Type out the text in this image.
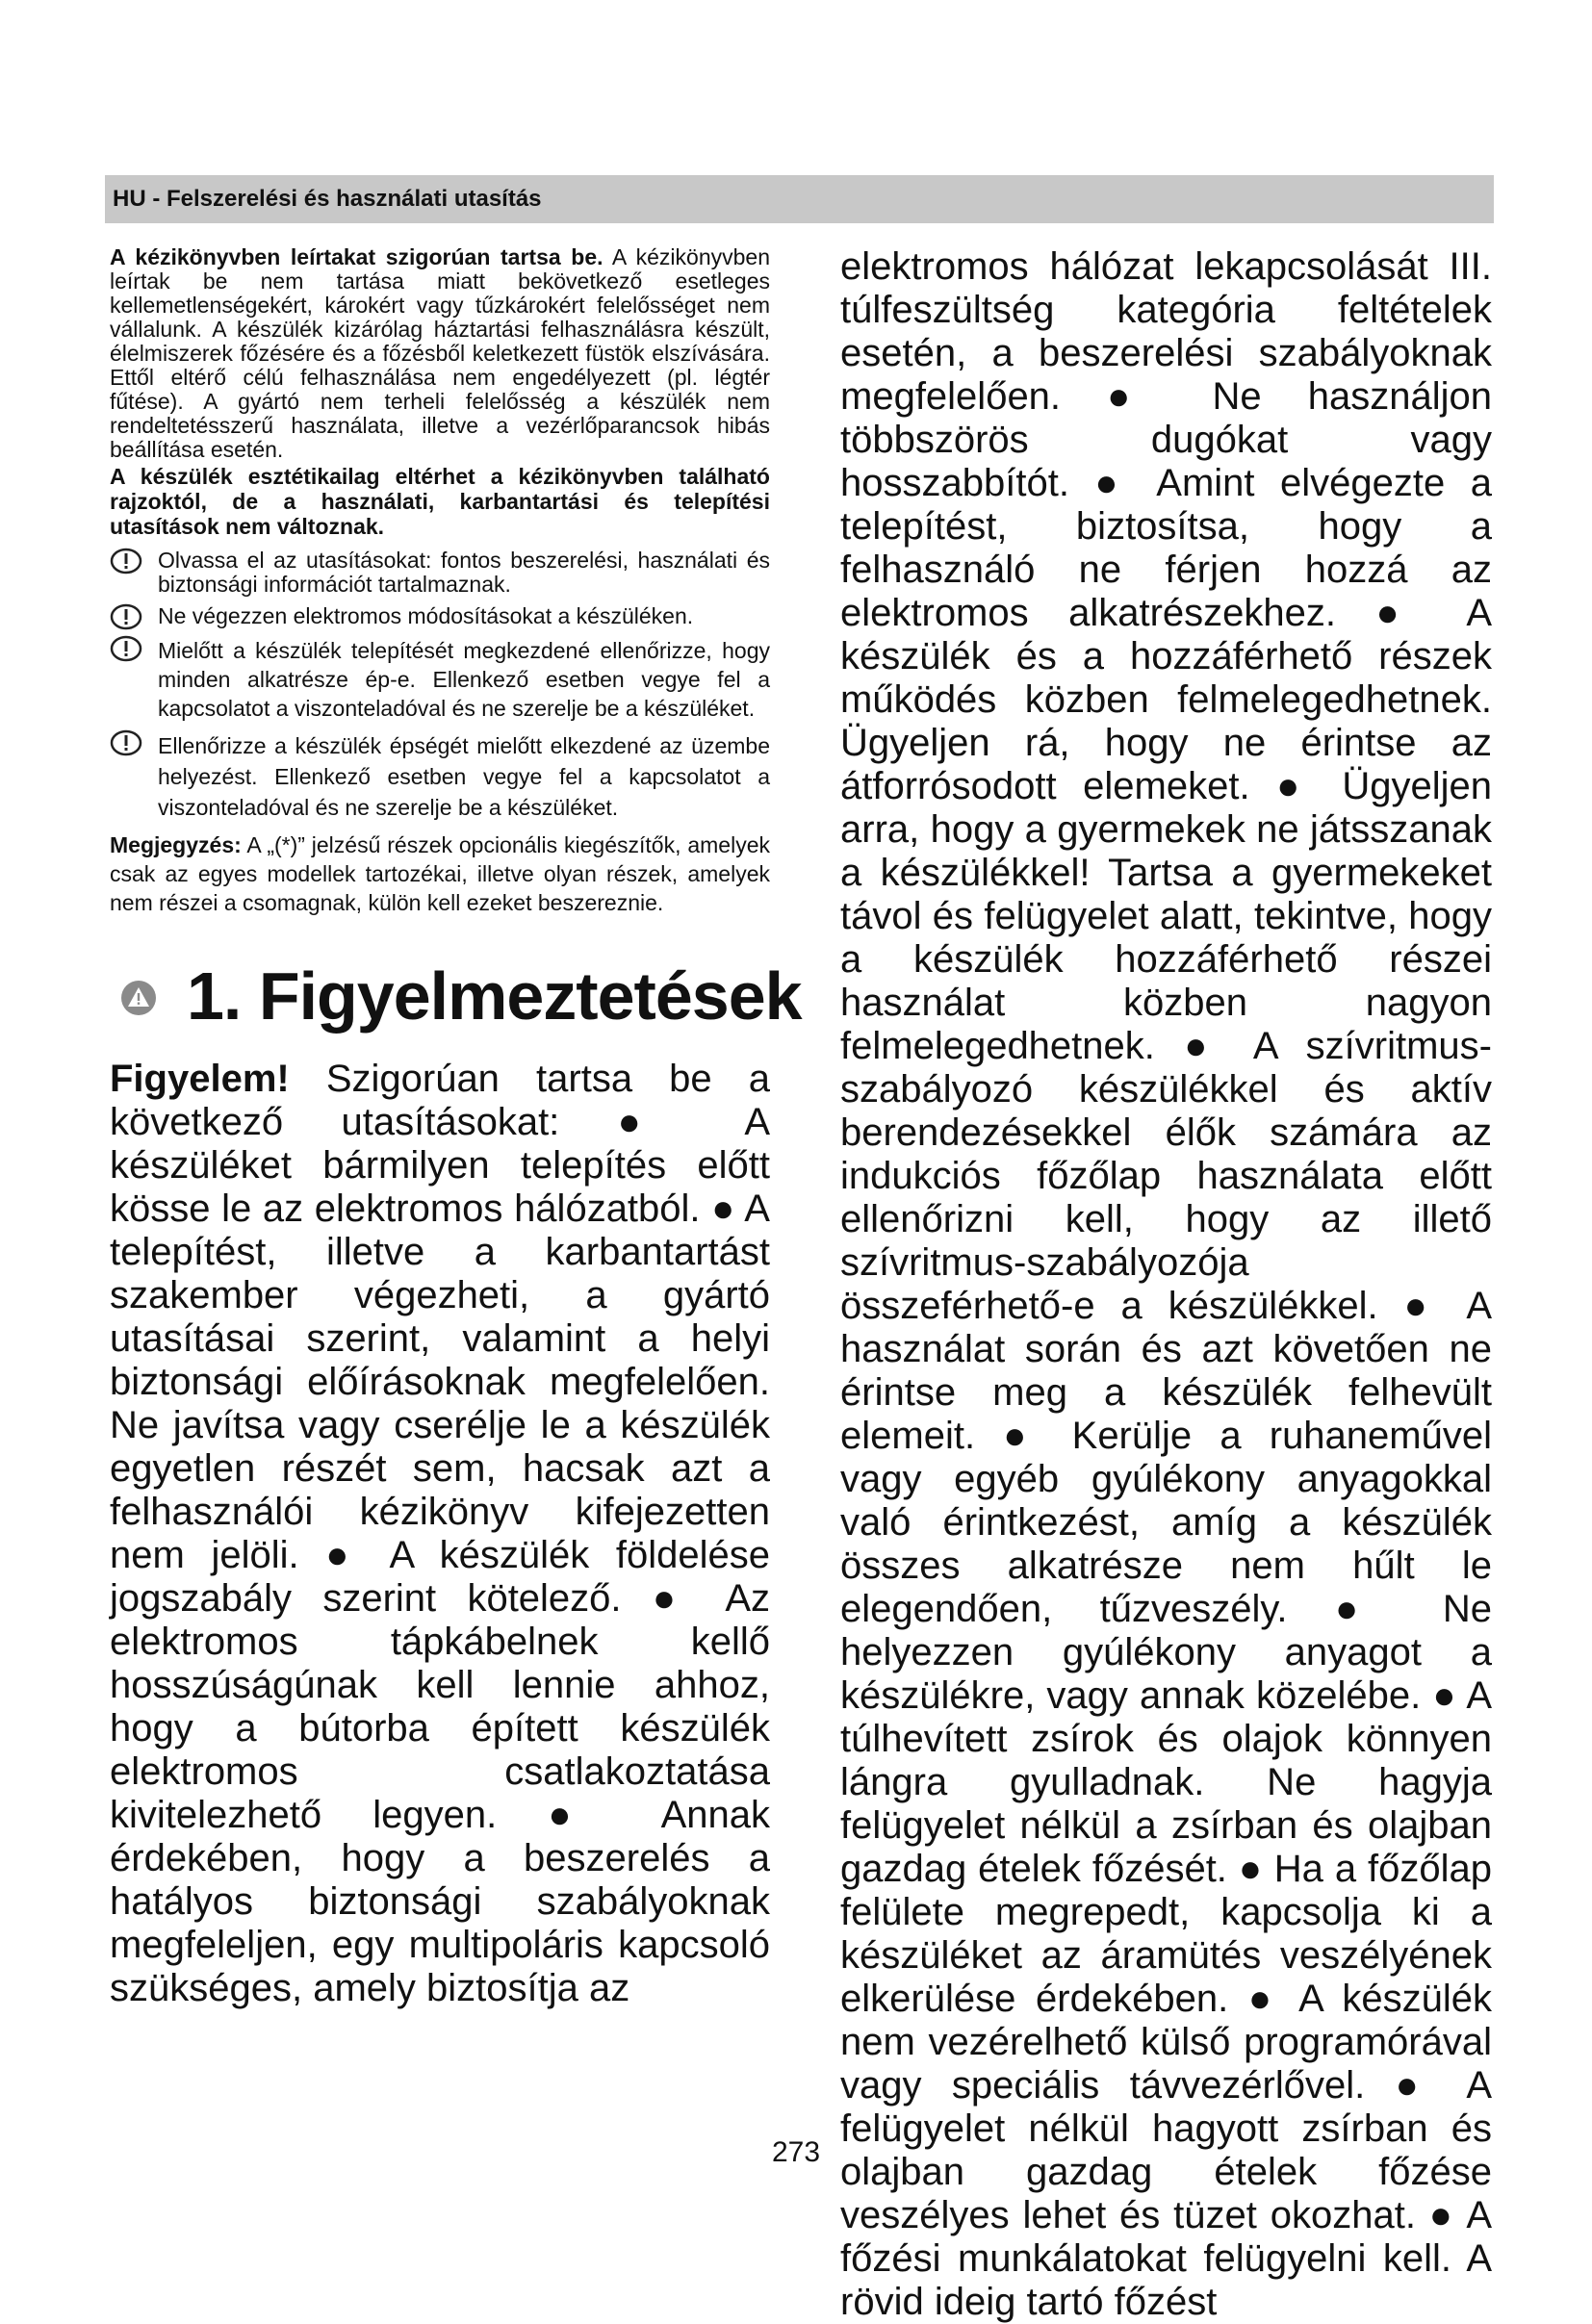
HU - Felszerelési és használati utasítás

A kézikönyvben leírtakat szigorúan tartsa be. A kézikönyvben leírtak be nem tartása miatt bekövetkező esetleges kellemetlenségekért, károkért vagy tűzkárokért felelősséget nem vállalunk. A készülék kizárólag háztartási felhasználásra készült, élelmiszerek főzésére és a főzésből keletkezett füstök elszívására. Ettől eltérő célú felhasználása nem engedélyezett (pl. légtér fűtése). A gyártó nem terheli felelősség a készülék nem rendeltetésszerű használata, illetve a vezérlőparancsok hibás beállítása esetén.

A készülék esztétikailag eltérhet a kézikönyvben található rajzoktól, de a használati, karbantartási és telepítési utasítások nem változnak.

Olvassa el az utasításokat: fontos beszerelési, használati és biztonsági információt tartalmaznak.
Ne végezzen elektromos módosításokat a készüléken.
Mielőtt a készülék telepítését megkezdené ellenőrizze, hogy minden alkatrésze ép-e. Ellenkező esetben vegye fel a kapcsolatot a viszonteladóval és ne szerelje be a készüléket.
Ellenőrizze a készülék épségét mielőtt elkezdené az üzembe helyezést. Ellenkező esetben vegye fel a kapcsolatot a viszonteladóval és ne szerelje be a készüléket.

Megjegyzés: A „(*)” jelzésű részek opcionális kiegészítők, amelyek csak az egyes modellek tartozékai, illetve olyan részek, amelyek nem részei a csomagnak, külön kell ezeket beszereznie.

1. Figyelmeztetések

Figyelem! Szigorúan tartsa be a következő utasításokat: ● A készüléket bármilyen telepítés előtt kösse le az elektromos hálózatból. ● A telepítést, illetve a karbantartást szakember végezheti, a gyártó utasításai szerint, valamint a helyi biztonsági előírásoknak megfelelően. Ne javítsa vagy cserélje le a készülék egyetlen részét sem, hacsak azt a felhasználói kézikönyv kifejezetten nem jelöli. ● A készülék földelése jogszabály szerint kötelező. ● Az elektromos tápkábelnek kellő hosszúságúnak kell lennie ahhoz, hogy a bútorba épített készülék elektromos csatlakoztatása kivitelezhető legyen. ● Annak érdekében, hogy a beszerelés a hatályos biztonsági szabályoknak megfeleljen, egy multipoláris kapcsoló szükséges, amely biztosítja az

elektromos hálózat lekapcsolását III. túlfeszültség kategória feltételek esetén, a beszerelési szabályoknak megfelelően. ● Ne használjon többszörös dugókat vagy hosszabbítót. ● Amint elvégezte a telepítést, biztosítsa, hogy a felhasználó ne férjen hozzá az elektromos alkatrészekhez. ● A készülék és a hozzáférhető részek működés közben felmelegedhetnek. Ügyeljen rá, hogy ne érintse az átforrósodott elemeket. ● Ügyeljen arra, hogy a gyermekek ne játsszanak a készülékkel! Tartsa a gyermekeket távol és felügyelet alatt, tekintve, hogy a készülék hozzáférhető részei használat közben nagyon felmelegedhetnek. ● A szívritmus-szabályozó készülékkel és aktív berendezésekkel élők számára az indukciós főzőlap használata előtt ellenőrizni kell, hogy az illető szívritmus-szabályozója összeférhető-e a készülékkel. ● A használat során és azt követően ne érintse meg a készülék felhevült elemeit. ● Kerülje a ruhaneművel vagy egyéb gyúlékony anyagokkal való érintkezést, amíg a készülék összes alkatrésze nem hűlt le elegendően, tűzveszély. ● Ne helyezzen gyúlékony anyagot a készülékre, vagy annak közelébe. ● A túlhevített zsírok és olajok könnyen lángra gyulladnak. Ne hagyja felügyelet nélkül a zsírban és olajban gazdag ételek főzését. ● Ha a főzőlap felülete megrepedt, kapcsolja ki a készüléket az áramütés veszélyének elkerülése érdekében. ● A készülék nem vezérelhető külső programórával vagy speciális távvezérlővel. ● A felügyelet nélkül hagyott zsírban és olajban gazdag ételek főzése veszélyes lehet és tüzet okozhat. ● A főzési munkálatokat felügyelni kell. A rövid ideig tartó főzést

273
